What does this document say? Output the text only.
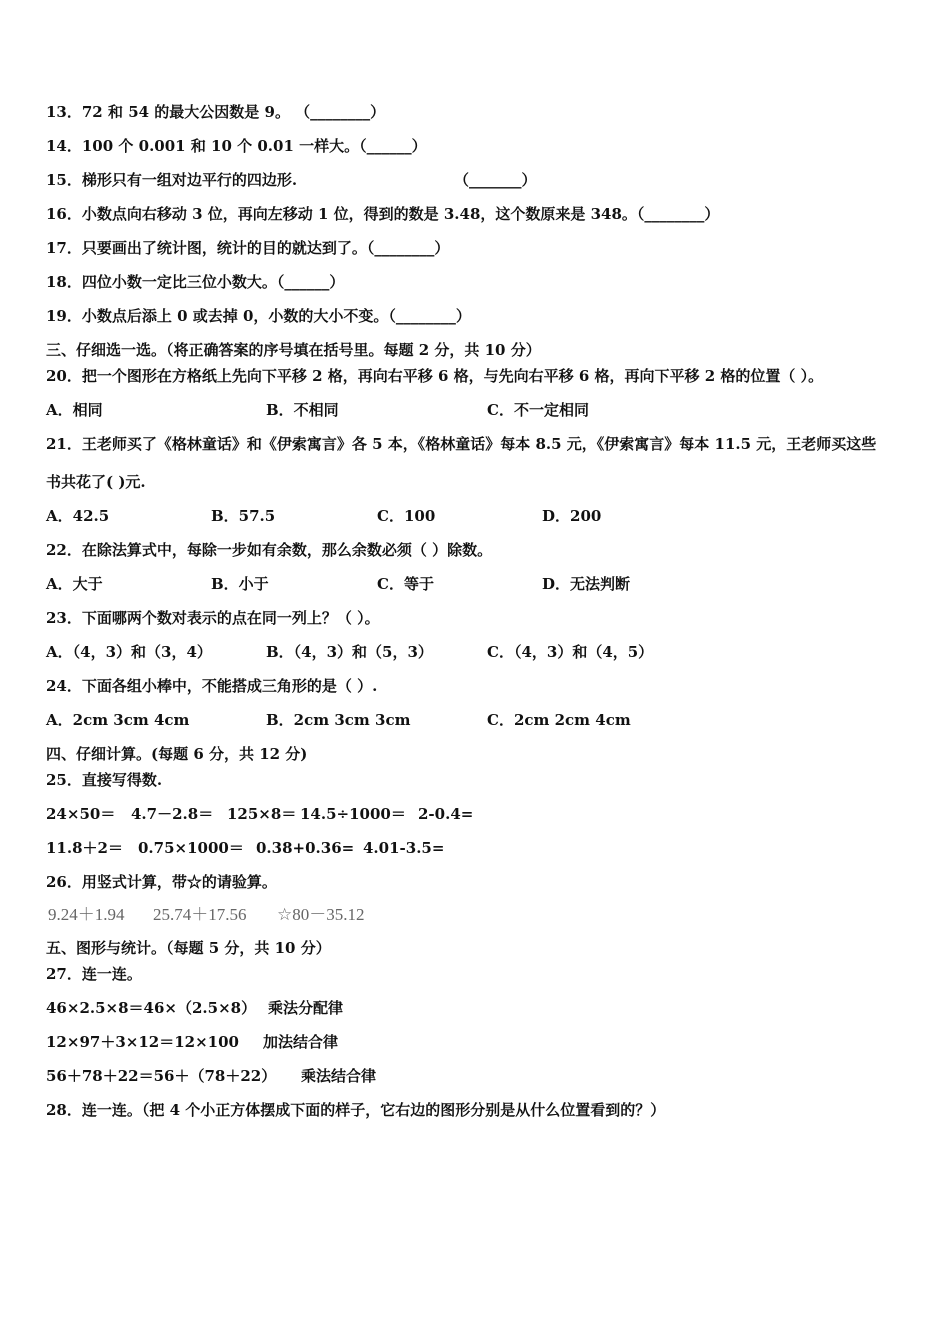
13．72 和 54 的最大公因数是 9。 （________）
14．100 个 0.001 和 10 个 0.01 一样大。（______）
15．梯形只有一组对边平行的四边形.	（_______）
16．小数点向右移动 3 位，再向左移动 1 位，得到的数是 3.48，这个数原来是 348。（________）
17．只要画出了统计图，统计的目的就达到了。（________）
18．四位小数一定比三位小数大。（______）
19．小数点后添上 0 或去掉 0，小数的大小不变。（________）
三、仔细选一选。（将正确答案的序号填在括号里。每题 2 分，共 10 分）
20．把一个图形在方格纸上先向下平移 2 格，再向右平移 6 格，与先向右平移 6 格，再向下平移 2 格的位置（ ）。
A．相同	B．不相同	C．不一定相同
21．王老师买了《格林童话》和《伊索寓言》各 5 本，《格林童话》每本 8.5 元，《伊索寓言》每本 11.5 元，王老师买这些
书共花了( )元.
A．42.5	B．57.5	C．100	D．200
22．在除法算式中，每除一步如有余数，那么余数必须（ ）除数。
A．大于	B．小于	C．等于	D．无法判断
23．下面哪两个数对表示的点在同一列上？（ ）。
A．（4，3）和（3，4）	B．（4，3）和（5，3）	C．（4，3）和（4，5）
24．下面各组小棒中，不能搭成三角形的是（ ）.
A．2cm 3cm 4cm	B．2cm 3cm 3cm	C．2cm 2cm 4cm
四、仔细计算。(每题 6 分，共 12 分)
25．直接写得数.
24×50＝ 4.7－2.8＝ 125×8＝ 14.5÷1000＝ 2-0.4=
11.8＋2＝ 0.75×1000＝ 0.38+0.36= 4.01-3.5=
26．用竖式计算，带☆的请验算。
9.24＋1.94 25.74＋17.56 ☆80－35.12
五、图形与统计。（每题 5 分，共 10 分）
27．连一连。
46×2.5×8＝46×（2.5×8） 乘法分配律
12×97＋3×12＝12×100 加法结合律
56＋78＋22＝56＋（78＋22） 乘法结合律
28．连一连。（把 4 个小正方体摆成下面的样子，它右边的图形分别是从什么位置看到的？）
